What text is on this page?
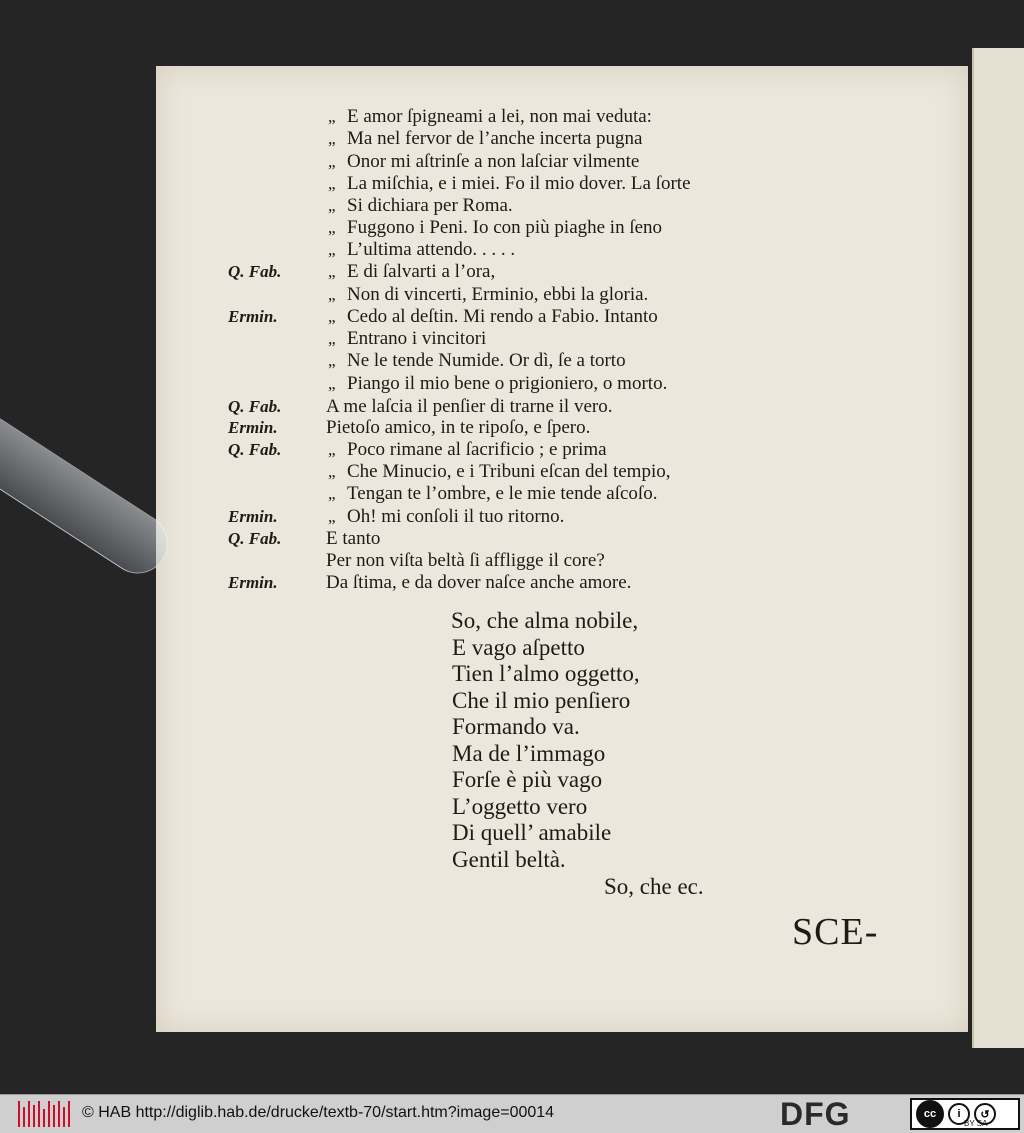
„ E amor ſpigneami a lei, non mai veduta:
„ Ma nel fervor de l’anche incerta pugna
„ Onor mi aſtrinſe a non laſciar vilmente
„ La miſchia, e i miei. Fo il mio dover. La ſorte
„ Si dichiara per Roma.
„ Fuggono i Peni. Io con più piaghe in ſeno
„ L’ultima attendo. . . . .
Q. Fab.	„ E di ſalvarti a l’ora,
„ Non di vincerti, Erminio, ebbi la gloria.
Ermin.	„ Cedo al deſtin. Mi rendo a Fabio. Intanto
„ Entrano i vincitori
„ Ne le tende Numide. Or dì, ſe a torto
„ Piango il mio bene o prigioniero, o morto.
Q. Fab. A me laſcia il penſier di trarne il vero.
Ermin.	Pietoſo amico, in te ripoſo, e ſpero.
Q. Fab.	„ Poco rimane al ſacrificio ; e prima
„ Che Minucio, e i Tribuni eſcan del tempio,
„ Tengan te l’ombre, e le mie tende aſcoſo.
Ermin.	„ Oh! mi conſoli il tuo ritorno.
Q. Fab. E tanto
Per non viſta beltà ſi affligge il core?
Ermin.	Da ſtima, e da dover naſce anche amore.
So, che alma nobile,
E vago aſpetto
Tien l’almo oggetto,
Che il mio penſiero
Formando va.
Ma de l’immago
Forſe è più vago
L’oggetto vero
Di quell’ amabile
Gentil beltà.
So, che ec.
SCE-
© HAB http://diglib.hab.de/drucke/textb-70/start.htm?image=00014	DFG	cc	i	↺
BY SA
